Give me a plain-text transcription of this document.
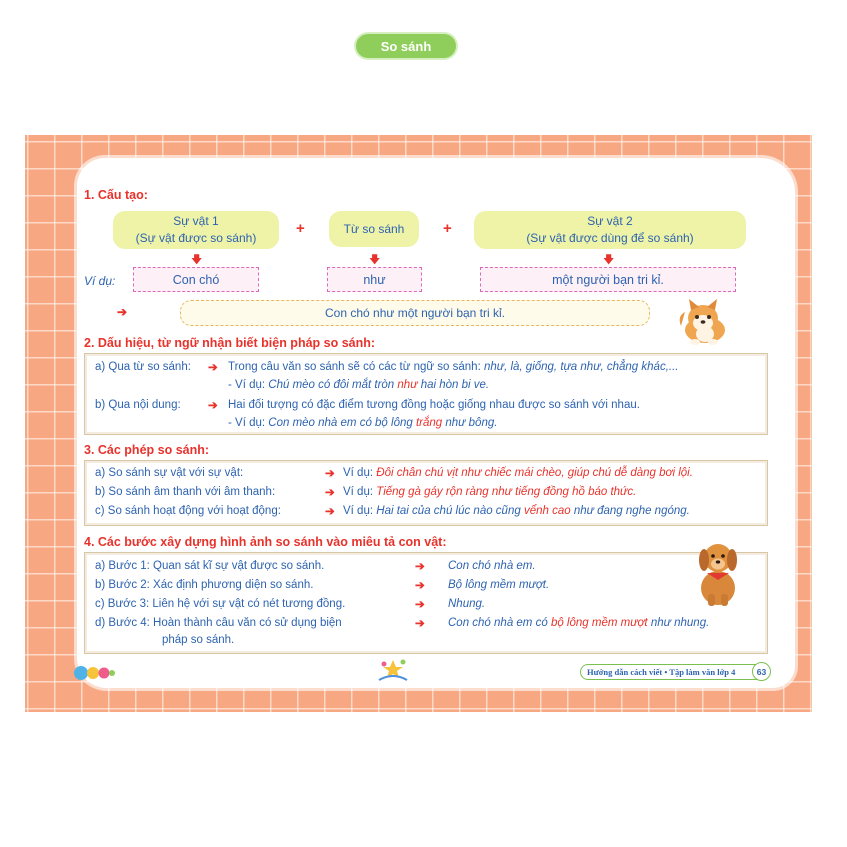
So sánh
1. Cấu tạo:
Sự vật 1
(Sự vật được so sánh)
+	Từ so sánh	+	Sự vật 2
(Sự vật được dùng để so sánh)
🡇	🡇	🡇
Ví dụ:	Con chó	như	một người bạn tri kỉ.
➔	Con chó như một người bạn tri kỉ.
2. Dấu hiệu, từ ngữ nhận biết biện pháp so sánh:
a) Qua từ so sánh: ➔ Trong câu văn so sánh sẽ có các từ ngữ so sánh: như, là, giống, tựa như, chẳng khác,...
- Ví dụ: Chú mèo có đôi mắt tròn như hai hòn bi ve.
b) Qua nội dung: ➔ Hai đối tượng có đặc điểm tương đồng hoặc giống nhau được so sánh với nhau.
- Ví dụ: Con mèo nhà em có bộ lông trắng như bông.
3. Các phép so sánh:
a) So sánh sự vật với sự vật:	➔ Ví dụ: Đôi chân chú vịt như chiếc mái chèo, giúp chú dễ dàng bơi lội.
b) So sánh âm thanh với âm thanh:	➔ Ví dụ: Tiếng gà gáy rộn ràng như tiếng đồng hồ báo thức.
c) So sánh hoạt động với hoạt động:	➔ Ví dụ: Hai tai của chú lúc nào cũng vểnh cao như đang nghe ngóng.
4. Các bước xây dựng hình ảnh so sánh vào miêu tả con vật:
a) Bước 1: Quan sát kĩ sự vật được so sánh.	➔ Con chó nhà em.
b) Bước 2: Xác định phương diện so sánh.	➔ Bộ lông mềm mượt.
c) Bước 3: Liên hệ với sự vật có nét tương đồng.	➔ Nhung.
d) Bước 4: Hoàn thành câu văn có sử dụng biện
pháp so sánh.
➔ Con chó nhà em có bộ lông mềm mượt như nhung.
Hướng dẫn cách viết • Tập làm văn lớp 4	63
